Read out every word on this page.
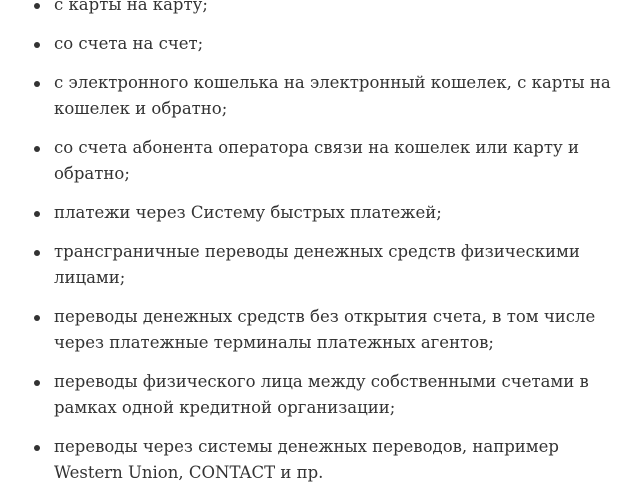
с карты на карту;
со счета на счет;
с электронного кошелька на электронный кошелек, с карты на кошелек и обратно;
со счета абонента оператора связи на кошелек или карту и обратно;
платежи через Систему быстрых платежей;
трансграничные переводы денежных средств физическими лицами;
переводы денежных средств без открытия счета, в том числе через платежные терминалы платежных агентов;
переводы физического лица между собственными счетами в рамках одной кредитной организации;
переводы через системы денежных переводов, например Western Union, CONTACT и пр.
